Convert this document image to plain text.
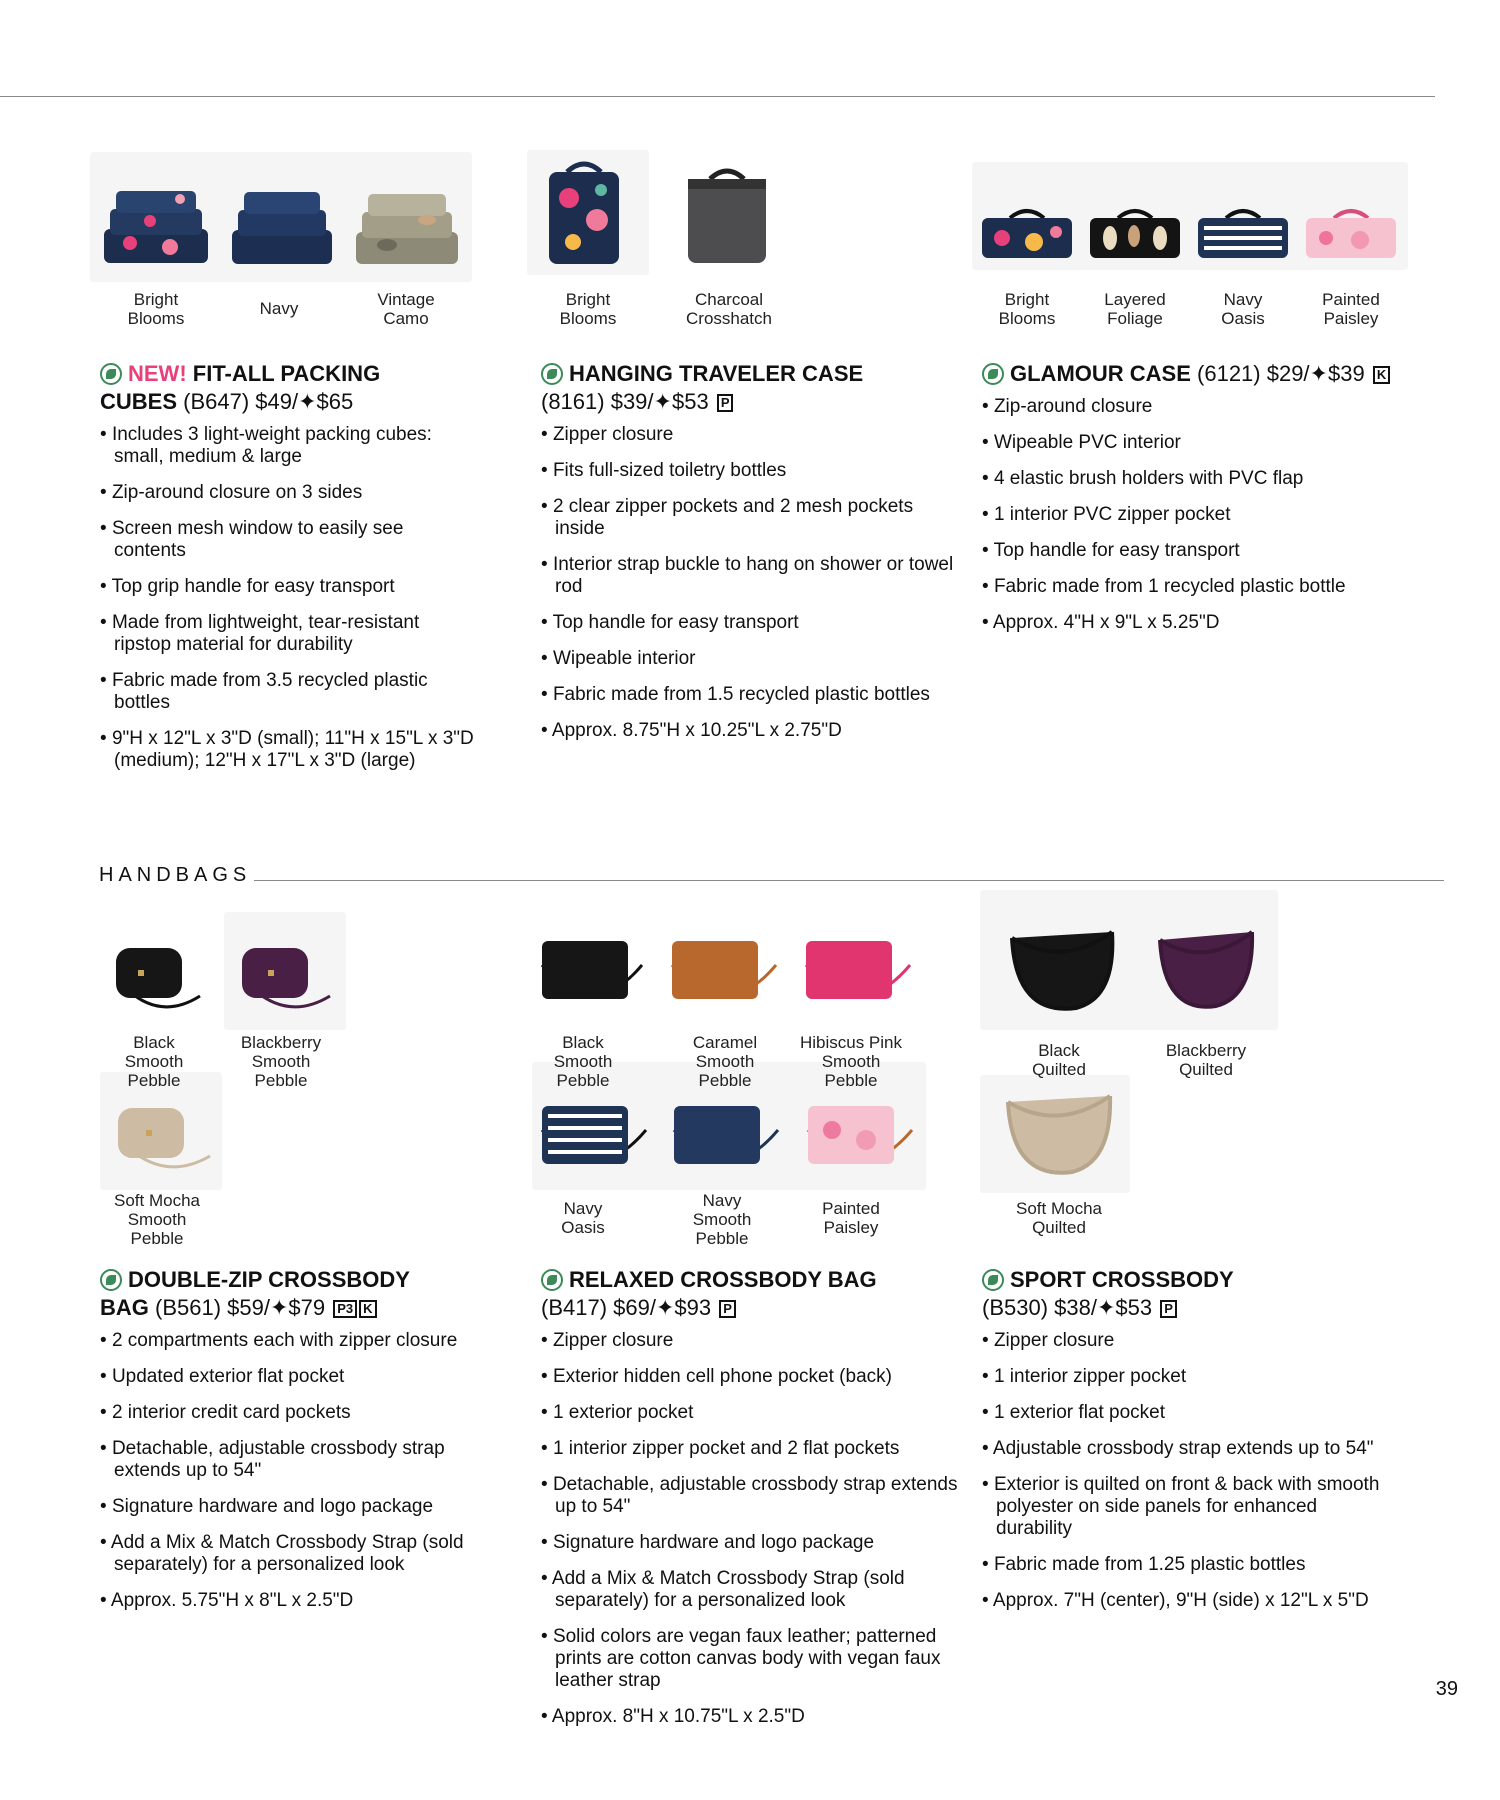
Bright Blooms
Navy	Vintage Camo
NEW! FIT-ALL PACKING
CUBES (B647) $49/✦$65
• Includes 3 light-weight packing cubes: small, medium & large
• Zip-around closure on 3 sides
• Screen mesh window to easily see contents
• Top grip handle for easy transport
• Made from lightweight, tear-resistant ripstop material for durability
• Fabric made from 3.5 recycled plastic bottles
• 9"H x 12"L x 3"D (small); 11"H x 15"L x 3"D (medium); 12"H x 17"L x 3"D (large)
Bright Blooms
Charcoal Crosshatch
HANGING TRAVELER CASE
(8161) $39/✦$53 P
• Zipper closure
• Fits full-sized toiletry bottles
• 2 clear zipper pockets and 2 mesh pockets inside
• Interior strap buckle to hang on shower or towel rod
• Top handle for easy transport
• Wipeable interior
• Fabric made from 1.5 recycled plastic bottles
• Approx. 8.75"H x 10.25"L x 2.75"D
Bright Blooms
Layered Foliage
Navy Oasis
Painted Paisley
GLAMOUR CASE (6121) $29/✦$39 K
• Zip-around closure
• Wipeable PVC interior
• 4 elastic brush holders with PVC flap
• 1 interior PVC zipper pocket
• Top handle for easy transport
• Fabric made from 1 recycled plastic bottle
• Approx. 4"H x 9"L x 5.25"D
HANDBAGS
Black Smooth Pebble
Blackberry Smooth Pebble
Soft Mocha Smooth Pebble
DOUBLE-ZIP CROSSBODY
BAG (B561) $59/✦$79 P3 K
• 2 compartments each with zipper closure
• Updated exterior flat pocket
• 2 interior credit card pockets
• Detachable, adjustable crossbody strap extends up to 54"
• Signature hardware and logo package
• Add a Mix & Match Crossbody Strap (sold separately) for a personalized look
• Approx. 5.75"H x 8"L x 2.5"D
Black Smooth Pebble
Caramel Smooth Pebble
Hibiscus Pink Smooth Pebble
Navy Oasis
Navy Smooth Pebble
Painted Paisley
RELAXED CROSSBODY BAG
(B417) $69/✦$93 P
• Zipper closure
• Exterior hidden cell phone pocket (back)
• 1 exterior pocket
• 1 interior zipper pocket and 2 flat pockets
• Detachable, adjustable crossbody strap extends up to 54"
• Signature hardware and logo package
• Add a Mix & Match Crossbody Strap (sold separately) for a personalized look
• Solid colors are vegan faux leather; patterned prints are cotton canvas body with vegan faux leather strap
• Approx. 8"H x 10.75"L x 2.5"D
Black Quilted
Blackberry Quilted
Soft Mocha Quilted
SPORT CROSSBODY
(B530) $38/✦$53 P
• Zipper closure
• 1 interior zipper pocket
• 1 exterior flat pocket
• Adjustable crossbody strap extends up to 54"
• Exterior is quilted on front & back with smooth polyester on side panels for enhanced durability
• Fabric made from 1.25 plastic bottles
• Approx. 7"H (center), 9"H (side) x 12"L x 5"D
39
